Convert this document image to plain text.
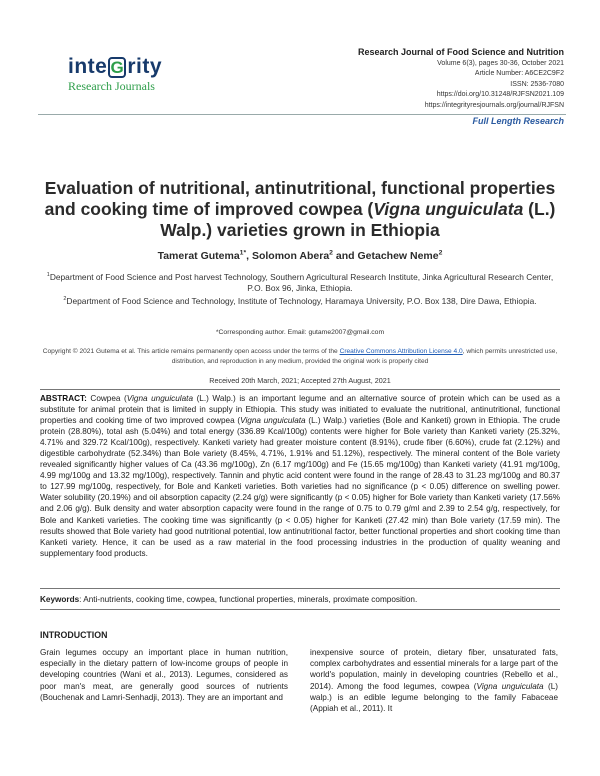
inte G rity
Research Journals
Research Journal of Food Science and Nutrition
Volume 6(3), pages 30-36, October 2021
Article Number: A6CE2C9F2
ISSN: 2536-7080
https://doi.org/10.31248/RJFSN2021.109
https://integrityresjournals.org/journal/RJFSN
Full Length Research
Evaluation of nutritional, antinutritional, functional properties and cooking time of improved cowpea (Vigna unguiculata (L.) Walp.) varieties grown in Ethiopia
Tamerat Gutema$^{1*}$, Solomon Abera$^2$ and Getachew Neme$^2$
$^1$Department of Food Science and Post harvest Technology, Southern Agricultural Research Institute, Jinka Agricultural Research Center, P.O. Box 96, Jinka, Ethiopia.
$^2$Department of Food Science and Technology, Institute of Technology, Haramaya University, P.O. Box 138, Dire Dawa, Ethiopia.
*Corresponding author. Email: gutame2007@gmail.com
Copyright © 2021 Gutema et al. This article remains permanently open access under the terms of the Creative Commons Attribution License 4.0, which permits unrestricted use, distribution, and reproduction in any medium, provided the original work is properly cited
Received 20th March, 2021; Accepted 27th August, 2021
ABSTRACT: Cowpea (Vigna unguiculata (L.) Walp.) is an important legume and an alternative source of protein which can be used as a substitute for animal protein that is limited in supply in Ethiopia. This study was initiated to evaluate the nutritional, antinutritional, functional properties and cooking time of two improved cowpea (Vigna unguiculata (L.) Walp.) varieties (Bole and Kanketi) grown in Ethiopia. The crude protein (28.80%), total ash (5.04%) and total energy (336.89 Kcal/100g) contents were higher for Bole variety than Kanketi variety (25.32%, 4.71% and 329.72 Kcal/100g), respectively. Kanketi variety had greater moisture content (8.91%), crude fiber (6.60%), crude fat (2.12%) and digestible carbohydrate (52.34%) than Bole variety (8.45%, 4.71%, 1.91% and 51.12%), respectively. The mineral content of the Bole variety revealed significantly higher values of Ca (43.36 mg/100g), Zn (6.17 mg/100g) and Fe (15.65 mg/100g) than Kanketi variety (41.91 mg/100g, 4.99 mg/100g and 13.32 mg/100g), respectively. Tannin and phytic acid content were found in the range of 28.43 to 31.23 mg/100g and 80.37 to 127.99 mg/100g, respectively, for Bole and Kanketi varieties. Both varieties had no significance (p < 0.05) difference on swelling power. Water solubility (20.19%) and oil absorption capacity (2.24 g/g) were significantly (p < 0.05) higher for Bole variety than Kanketi variety (17.56% and 2.06 g/g). Bulk density and water absorption capacity were found in the range of 0.75 to 0.79 g/ml and 2.39 to 2.54 g/g, respectively, for Bole and Kanketi varieties. The cooking time was significantly (p < 0.05) higher for Kanketi (27.42 min) than Bole variety (17.59 min). The results showed that Bole variety had good nutritional potential, low antinutritional factor, better functional properties and short cooking time than Kanketi variety. Hence, it can be used as a raw material in the food processing industries in the production of quality weaning and supplementary food products.
Keywords: Anti-nutrients, cooking time, cowpea, functional properties, minerals, proximate composition.
INTRODUCTION
Grain legumes occupy an important place in human nutrition, especially in the dietary pattern of low-income groups of people in developing countries (Wani et al., 2013). Legumes, considered as poor man's meat, are generally good sources of nutrients (Bouchenak and Lamri-Senhadji, 2013). They are an important and
inexpensive source of protein, dietary fiber, unsaturated fats, complex carbohydrates and essential minerals for a large part of the world's population, mainly in developing countries (Rebello et al., 2014). Among the food legumes, cowpea (Vigna unguiculata (L) walp.) is an edible legume belonging to the family Fabaceae (Appiah et al., 2011). It
